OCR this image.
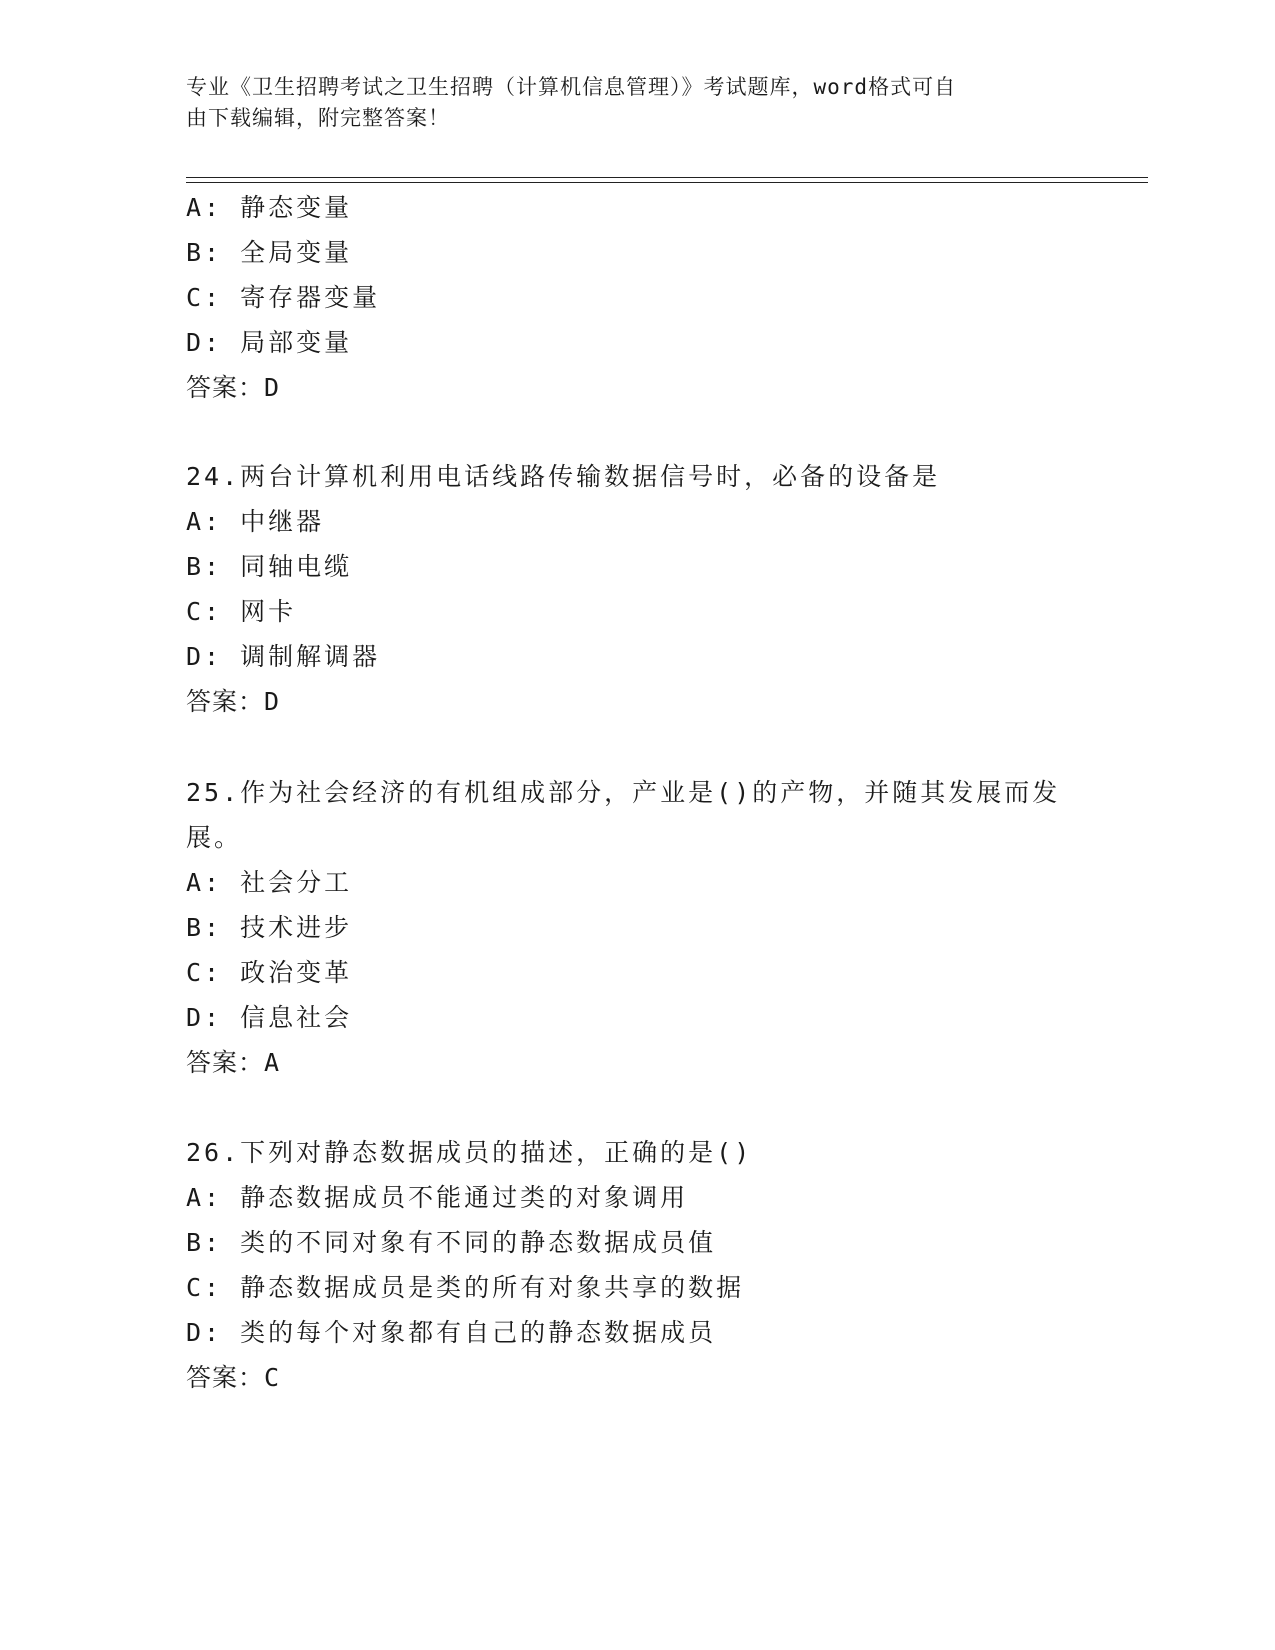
专业《卫生招聘考试之卫生招聘（计算机信息管理）》考试题库，word格式可自
由下载编辑，附完整答案！
A: 静态变量
B: 全局变量
C: 寄存器变量
D: 局部变量
答案：D
24.两台计算机利用电话线路传输数据信号时，必备的设备是
A: 中继器
B: 同轴电缆
C: 网卡
D: 调制解调器
答案：D
25.作为社会经济的有机组成部分，产业是()的产物，并随其发展而发
展。
A: 社会分工
B: 技术进步
C: 政治变革
D: 信息社会
答案：A
26.下列对静态数据成员的描述，正确的是()
A: 静态数据成员不能通过类的对象调用
B: 类的不同对象有不同的静态数据成员值
C: 静态数据成员是类的所有对象共享的数据
D: 类的每个对象都有自己的静态数据成员
答案：C
